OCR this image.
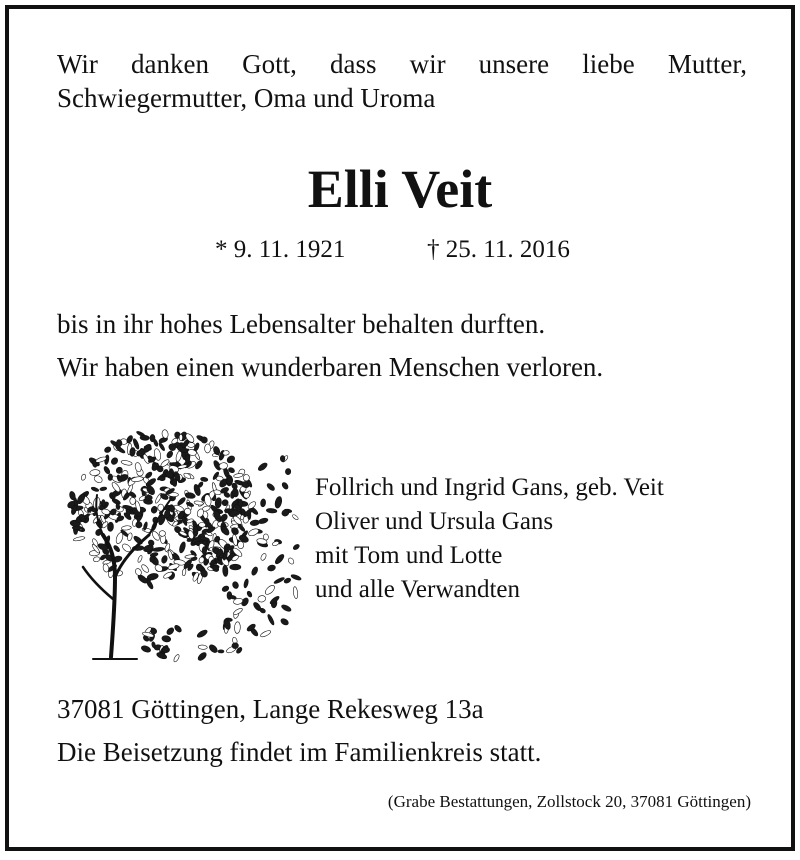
Wir danken Gott, dass wir unsere liebe Mutter,
Schwiegermutter, Oma und Uroma
Elli Veit
* 9. 11. 1921	† 25. 11. 2016
bis in ihr hohes Lebensalter behalten durften.
Wir haben einen wunderbaren Menschen verloren.
Follrich und Ingrid Gans, geb. Veit
Oliver und Ursula Gans
mit Tom und Lotte
und alle Verwandten
37081 Göttingen, Lange Rekesweg 13a
Die Beisetzung findet im Familienkreis statt.
(Grabe Bestattungen, Zollstock 20, 37081 Göttingen)
